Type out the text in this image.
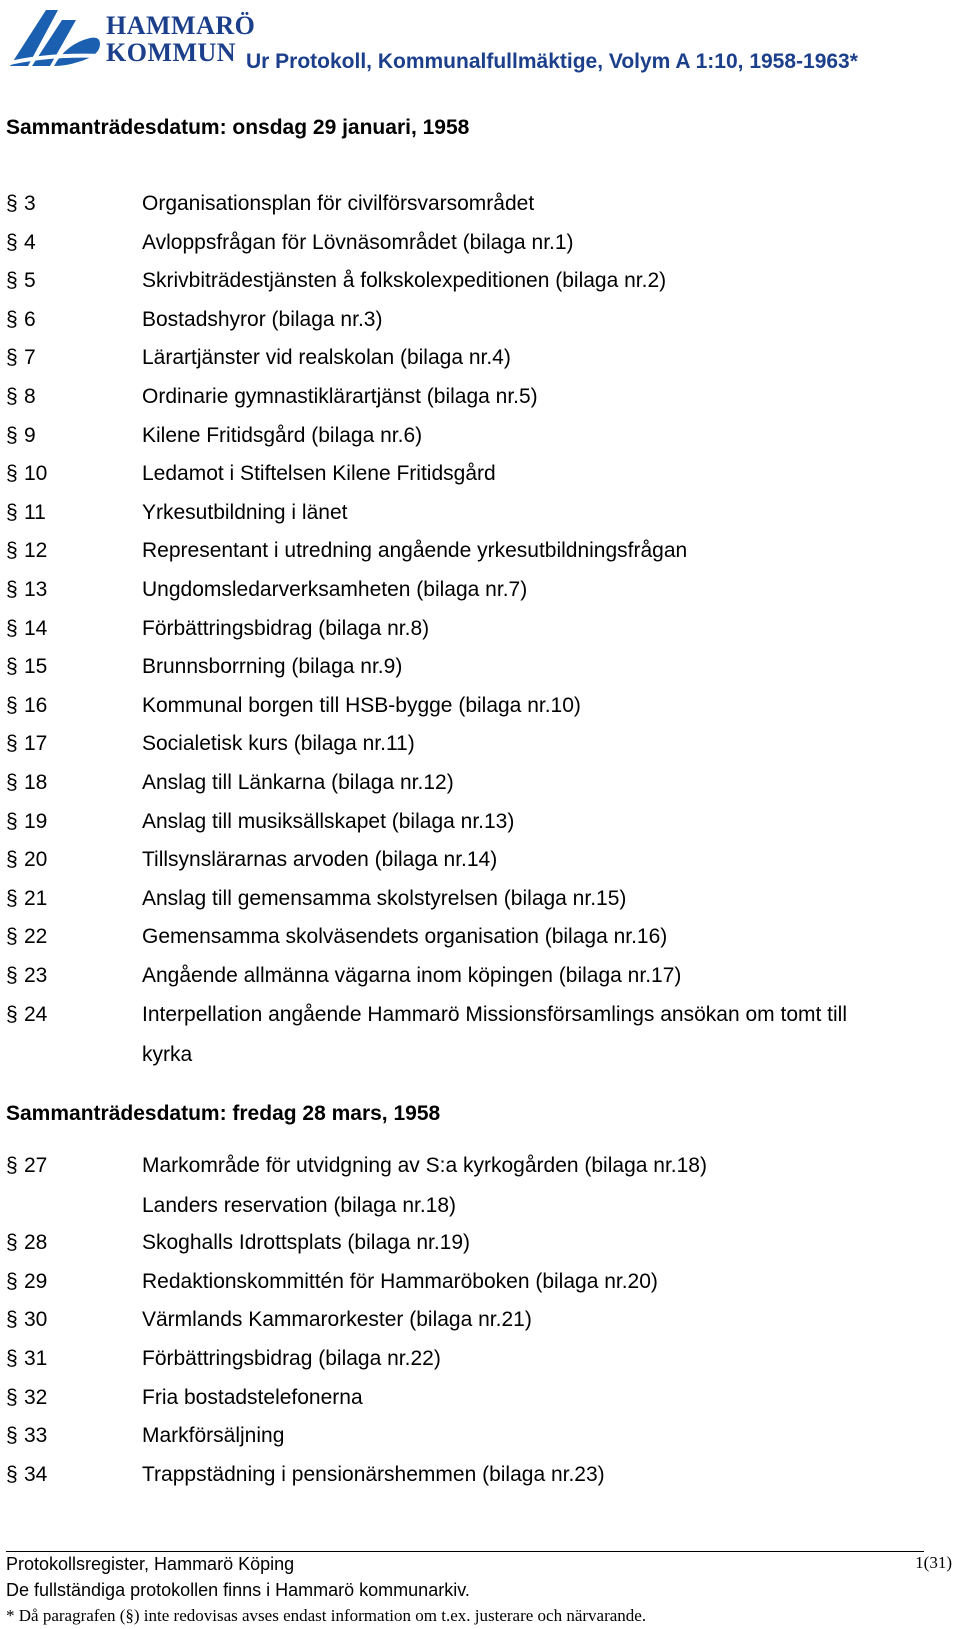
HAMMARÖ
KOMMUN Ur Protokoll, Kommunalfullmäktige, Volym A 1:10, 1958-1963*
Sammanträdesdatum: onsdag 29 januari, 1958
§ 3	Organisationsplan för civilförsvarsområdet
§ 4	Avloppsfrågan för Lövnäsområdet (bilaga nr.1)
§ 5	Skrivbiträdestjänsten å folkskolexpeditionen (bilaga nr.2)
§ 6	Bostadshyror (bilaga nr.3)
§ 7	Lärartjänster vid realskolan (bilaga nr.4)
§ 8	Ordinarie gymnastiklärartjänst (bilaga nr.5)
§ 9	Kilene Fritidsgård (bilaga nr.6)
§ 10	Ledamot i Stiftelsen Kilene Fritidsgård
§ 11	Yrkesutbildning i länet
§ 12	Representant i utredning angående yrkesutbildningsfrågan
§ 13	Ungdomsledarverksamheten (bilaga nr.7)
§ 14	Förbättringsbidrag (bilaga nr.8)
§ 15	Brunnsborrning (bilaga nr.9)
§ 16	Kommunal borgen till HSB-bygge (bilaga nr.10)
§ 17	Socialetisk kurs (bilaga nr.11)
§ 18	Anslag till Länkarna (bilaga nr.12)
§ 19	Anslag till musiksällskapet (bilaga nr.13)
§ 20	Tillsynslärarnas arvoden (bilaga nr.14)
§ 21	Anslag till gemensamma skolstyrelsen (bilaga nr.15)
§ 22	Gemensamma skolväsendets organisation (bilaga nr.16)
§ 23	Angående allmänna vägarna inom köpingen (bilaga nr.17)
§ 24	Interpellation angående Hammarö Missionsförsamlings ansökan om tomt till
kyrka
Sammanträdesdatum: fredag 28 mars, 1958
§ 27	Markområde för utvidgning av S:a kyrkogården (bilaga nr.18)
Landers reservation (bilaga nr.18)
§ 28	Skoghalls Idrottsplats (bilaga nr.19)
§ 29	Redaktionskommittén för Hammaröboken (bilaga nr.20)
§ 30	Värmlands Kammarorkester (bilaga nr.21)
§ 31	Förbättringsbidrag (bilaga nr.22)
§ 32	Fria bostadstelefonerna
§ 33	Markförsäljning
§ 34	Trappstädning i pensionärshemmen (bilaga nr.23)
Protokollsregister, Hammarö Köping
De fullständiga protokollen finns i Hammarö kommunarkiv.
* Då paragrafen (§) inte redovisas avses endast information om t.ex. justerare och närvarande.
1(31)
